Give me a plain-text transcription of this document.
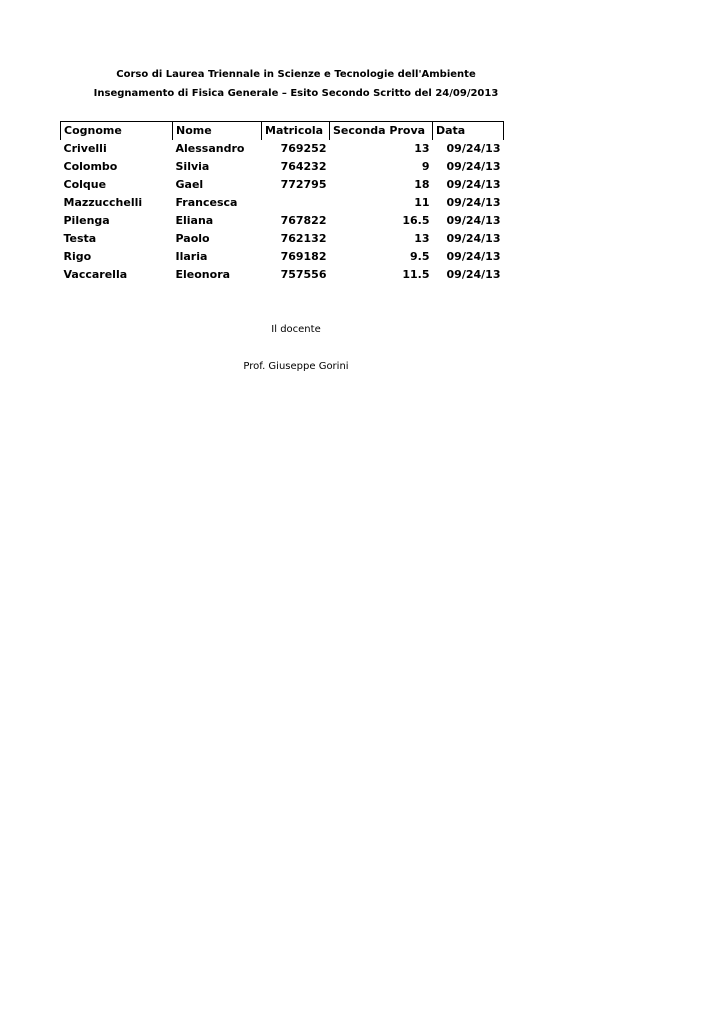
Corso di Laurea Triennale in Scienze e Tecnologie dell'Ambiente
Insegnamento di Fisica Generale – Esito Secondo Scritto del 24/09/2013
Cognome	Nome	Matricola	Seconda Prova	Data
Crivelli	Alessandro	769252	13	09/24/13
Colombo	Silvia	764232	9	09/24/13
Colque	Gael	772795	18	09/24/13
Mazzucchelli	Francesca		11	09/24/13
Pilenga	Eliana	767822	16.5	09/24/13
Testa	Paolo	762132	13	09/24/13
Rigo	Ilaria	769182	9.5	09/24/13
Vaccarella	Eleonora	757556	11.5	09/24/13
Il docente
Prof. Giuseppe Gorini
